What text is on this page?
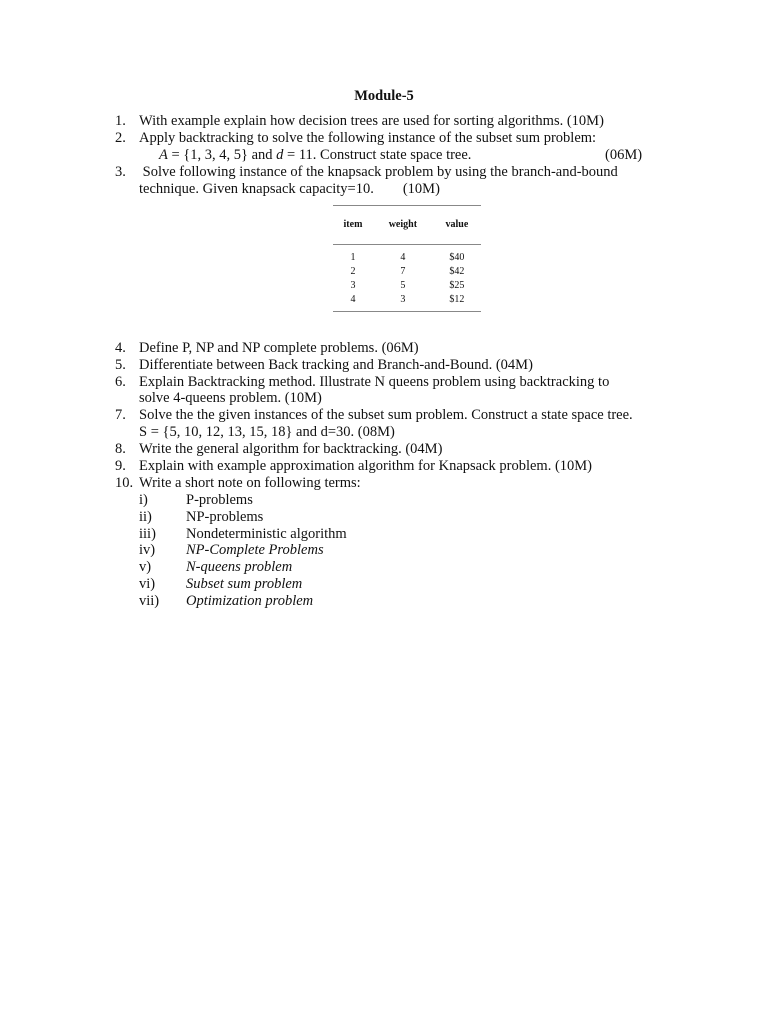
Module-5
1. With example explain how decision trees are used for sorting algorithms. (10M)
2. Apply backtracking to solve the following instance of the subset sum problem:
A = {1, 3, 4, 5} and d = 11. Construct state space tree.	(06M)
3. Solve following instance of the knapsack problem by using the branch-and-bound
technique. Given knapsack capacity=10.        (10M)
item	weight	value
1	4	$40
2	7	$42
3	5	$25
4	3	$12
4. Define P, NP and NP complete problems. (06M)
5. Differentiate between Back tracking and Branch-and-Bound. (04M)
6. Explain Backtracking method. Illustrate N queens problem using backtracking to
solve 4-queens problem. (10M)
7. Solve the the given instances of the subset sum problem. Construct a state space tree.
S = {5, 10, 12, 13, 15, 18} and d=30. (08M)
8. Write the general algorithm for backtracking. (04M)
9. Explain with example approximation algorithm for Knapsack problem. (10M)
10. Write a short note on following terms:
i)	P-problems
ii) NP-problems
iii) Nondeterministic algorithm
iv) NP-Complete Problems
v) N-queens problem
vi) Subset sum problem
vii) Optimization problem
